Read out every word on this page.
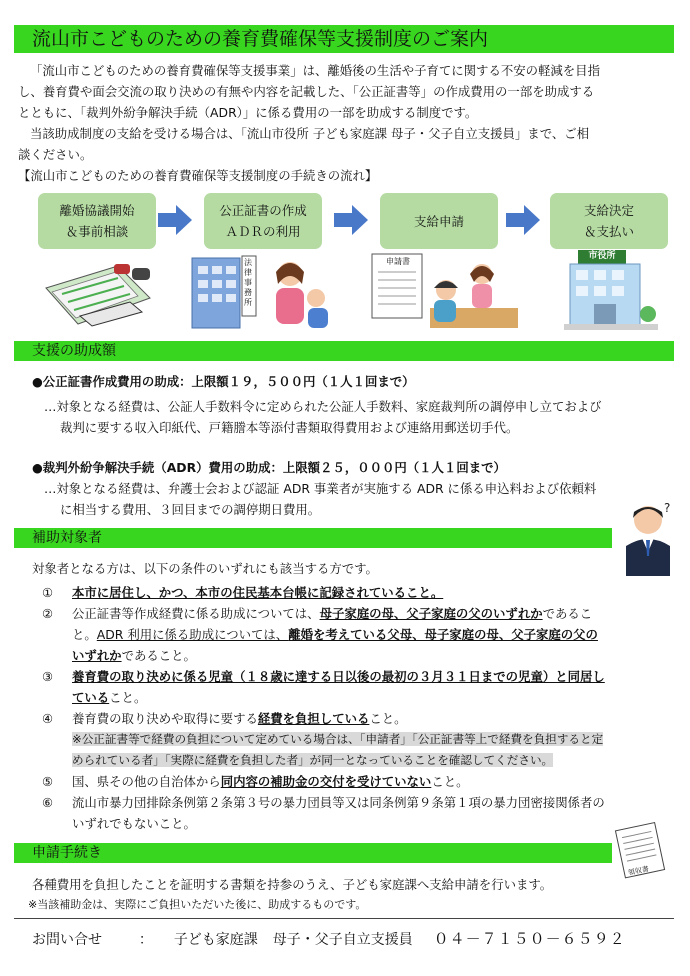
流山市こどものための養育費確保等支援制度のご案内
「流山市こどものための養育費確保等支援事業」は、離婚後の生活や子育てに関する不安の軽減を目指
し、養育費や面会交流の取り決めの有無や内容を記載した、「公正証書等」の作成費用の一部を助成する
とともに、「裁判外紛争解決手続（ADR）」に係る費用の一部を助成する制度です。
当該助成制度の支給を受ける場合は、「流山市役所 子ども家庭課 母子・父子自立支援員」まで、ご相
談ください。
【流山市こどものための養育費確保等支援制度の手続きの流れ】
離婚協議開始
＆事前相談
公正証書の作成
ＡＤＲの利用
支給申請
支給決定
＆支払い
法律事務所
申請書
市役所
支援の助成額
●公正証書作成費用の助成：上限額１９，５００円（１人１回まで）
…対象となる経費は、公証人手数料令に定められた公証人手数料、家庭裁判所の調停申し立ておよび
裁判に要する収入印紙代、戸籍謄本等添付書類取得費用および連絡用郵送切手代。
●裁判外紛争解決手続（ADR）費用の助成：上限額２５，０００円（１人１回まで）
…対象となる経費は、弁護士会および認証 ADR 事業者が実施する ADR に係る申込料および依頼料
に相当する費用、３回目までの調停期日費用。
補助対象者
?
対象者となる方は、以下の条件のいずれにも該当する方です。
① 本市に居住し、かつ、本市の住民基本台帳に記録されていること。
② 公正証書等作成経費に係る助成については、母子家庭の母、父子家庭の父のいずれかであるこ
と。ADR 利用に係る助成については、離婚を考えている父母、母子家庭の母、父子家庭の父の
いずれかであること。
③ 養育費の取り決めに係る児童（１８歳に達する日以後の最初の３月３１日までの児童）と同居し
ていること。
④ 養育費の取り決めや取得に要する経費を負担していること。
※公正証書等で経費の負担について定めている場合は、「申請者」「公正証書等上で経費を負担すると定
められている者」「実際に経費を負担した者」が同一となっていることを確認してください。
⑤ 国、県その他の自治体から同内容の補助金の交付を受けていないこと。
⑥ 流山市暴力団排除条例第２条第３号の暴力団員等又は同条例第９条第１項の暴力団密接関係者の
いずれでもないこと。
領収書
申請手続き
各種費用を負担したことを証明する書類を持参のうえ、子ども家庭課へ支給申請を行います。
※当該補助金は、実際にご負担いただいた後に、助成するものです。
お問い合せ	： 子ども家庭課 母子・父子自立支援員 ０４－７１５０－６５９２
